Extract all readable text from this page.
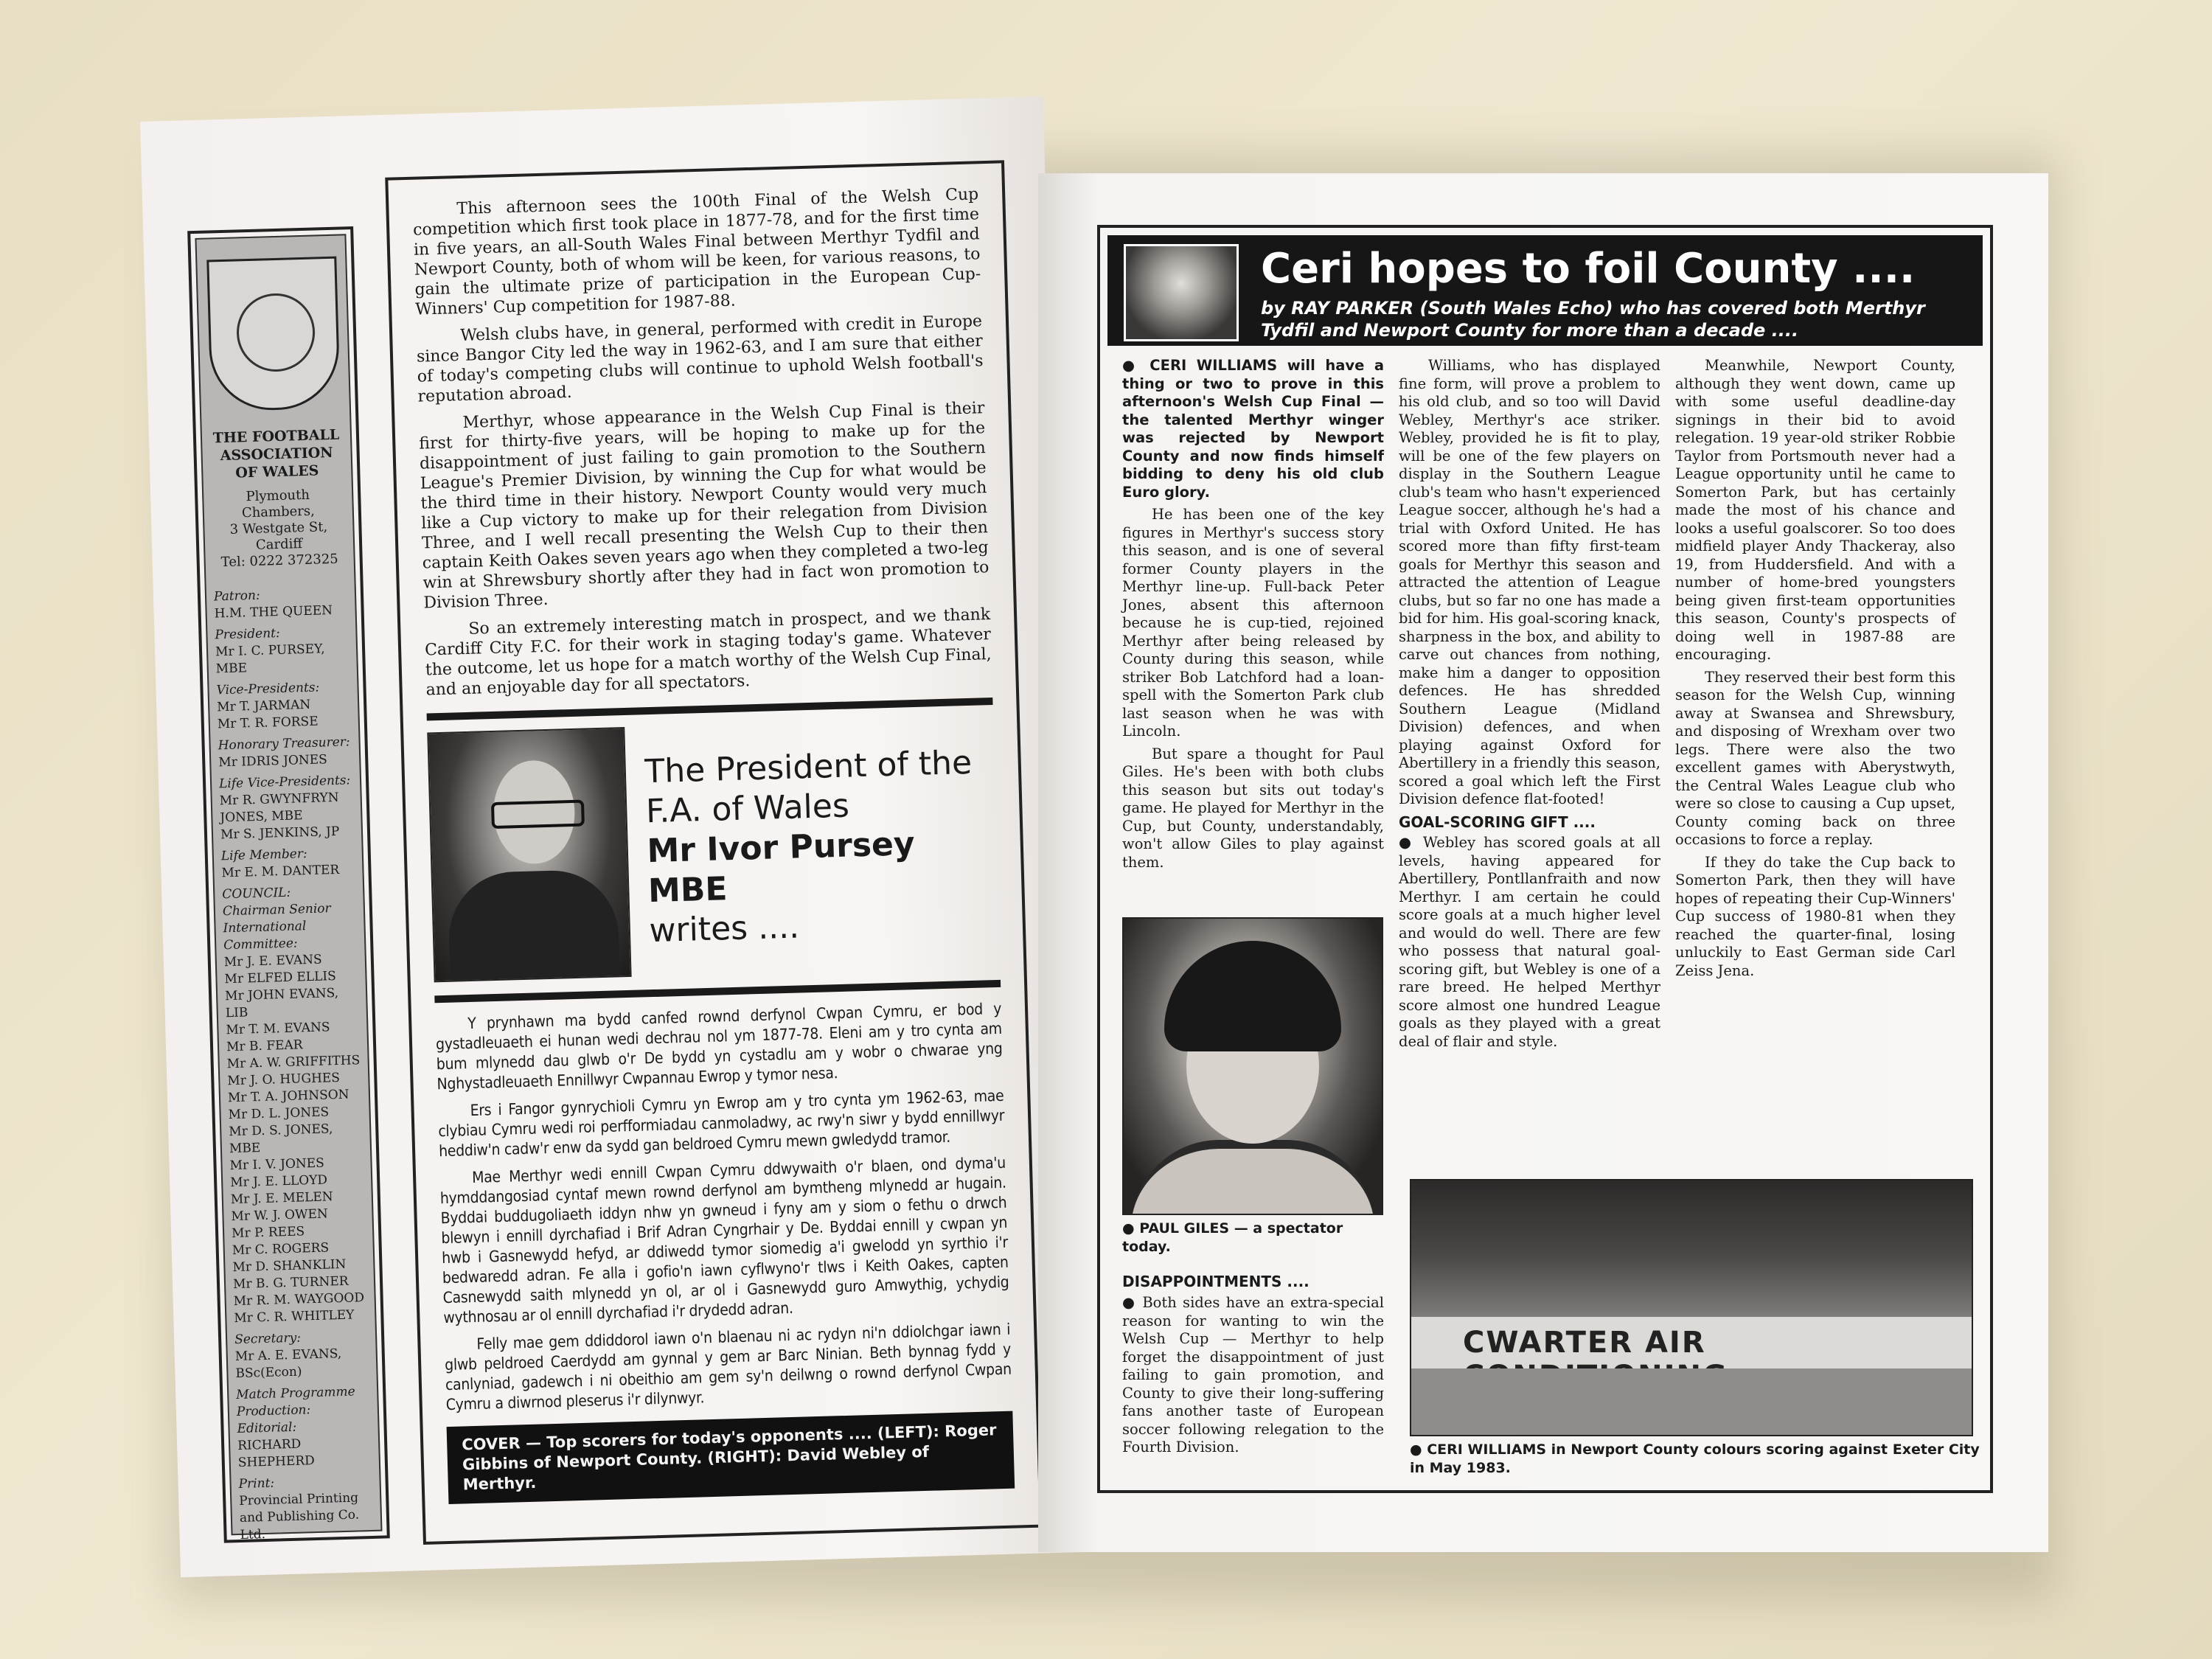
THE FOOTBALL ASSOCIATION OF WALES
Plymouth Chambers,
3 Westgate St, Cardiff
Tel: 0222 372325
Patron:
H.M. THE QUEEN
President:
Mr I. C. PURSEY, MBE
Vice-Presidents:
Mr T. JARMAN
Mr T. R. FORSE
Honorary Treasurer:
Mr IDRIS JONES
Life Vice-Presidents:
Mr R. GWYNFRYN JONES, MBE
Mr S. JENKINS, JP
Life Member:
Mr E. M. DANTER
COUNCIL: Chairman Senior International Committee:
Mr J. E. EVANS
Mr ELFED ELLIS
Mr JOHN EVANS, LIB
Mr T. M. EVANS
Mr B. FEAR
Mr A. W. GRIFFITHS
Mr J. O. HUGHES
Mr T. A. JOHNSON
Mr D. L. JONES
Mr D. S. JONES, MBE
Mr I. V. JONES
Mr J. E. LLOYD
Mr J. E. MELEN
Mr W. J. OWEN
Mr P. REES
Mr C. ROGERS
Mr D. SHANKLIN
Mr B. G. TURNER
Mr R. M. WAYGOOD
Mr C. R. WHITLEY
Secretary:
Mr A. E. EVANS, BSc(Econ)
Match Programme Production: Editorial:
RICHARD SHEPHERD
Print:
Provincial Printing and Publishing Co. Ltd.

This afternoon sees the 100th Final of the Welsh Cup competition which first took place in 1877-78, and for the first time in five years, an all-South Wales Final between Merthyr Tydfil and Newport County, both of whom will be keen, for various reasons, to gain the ultimate prize of participation in the European Cup-Winners' Cup competition for 1987-88.

Welsh clubs have, in general, performed with credit in Europe since Bangor City led the way in 1962-63, and I am sure that either of today's competing clubs will continue to uphold Welsh football's reputation abroad.

Merthyr, whose appearance in the Welsh Cup Final is their first for thirty-five years, will be hoping to make up for the disappointment of just failing to gain promotion to the Southern League's Premier Division, by winning the Cup for what would be the third time in their history. Newport County would very much like a Cup victory to make up for their relegation from Division Three, and I well recall presenting the Welsh Cup to their then captain Keith Oakes seven years ago when they completed a two-leg win at Shrewsbury shortly after they had in fact won promotion to Division Three.

So an extremely interesting match in prospect, and we thank Cardiff City F.C. for their work in staging today's game. Whatever the outcome, let us hope for a match worthy of the Welsh Cup Final, and an enjoyable day for all spectators.

The President of the
F.A. of Wales
Mr Ivor Pursey MBE
writes ....

Y prynhawn ma bydd canfed rownd derfynol Cwpan Cymru, er bod y gystadleuaeth ei hunan wedi dechrau nol ym 1877-78. Eleni am y tro cynta am bum mlynedd dau glwb o'r De bydd yn cystadlu am y wobr o chwarae yng Nghystadleuaeth Ennillwyr Cwpannau Ewrop y tymor nesa.

Ers i Fangor gynrychioli Cymru yn Ewrop am y tro cynta ym 1962-63, mae clybiau Cymru wedi roi perfformiadau canmoladwy, ac rwy'n siwr y bydd ennillwyr heddiw'n cadw'r enw da sydd gan beldroed Cymru mewn gwledydd tramor.

Mae Merthyr wedi ennill Cwpan Cymru ddwywaith o'r blaen, ond dyma'u hymddangosiad cyntaf mewn rownd derfynol am bymtheng mlynedd ar hugain. Byddai buddugoliaeth iddyn nhw yn gwneud i fyny am y siom o fethu o drwch blewyn i ennill dyrchafiad i Brif Adran Cyngrhair y De. Byddai ennill y cwpan yn hwb i Gasnewydd hefyd, ar ddiwedd tymor siomedig a'i gwelodd yn syrthio i'r bedwaredd adran. Fe alla i gofio'n iawn cyflwyno'r tlws i Keith Oakes, capten Casnewydd saith mlynedd yn ol, ar ol i Gasnewydd guro Amwythig, ychydig wythnosau ar ol ennill dyrchafiad i'r drydedd adran.

Felly mae gem ddiddorol iawn o'n blaenau ni ac rydyn ni'n ddiolchgar iawn i glwb peldroed Caerdydd am gynnal y gem ar Barc Ninian. Beth bynnag fydd y canlyniad, gadewch i ni obeithio am gem sy'n deilwng o rownd derfynol Cwpan Cymru a diwrnod pleserus i'r dilynwyr.

COVER — Top scorers for today's opponents .... (LEFT): Roger Gibbins of Newport County. (RIGHT): David Webley of Merthyr.
Ceri hopes to foil County ....
by RAY PARKER (South Wales Echo) who has covered both Merthyr Tydfil and Newport County for more than a decade ....

● CERI WILLIAMS will have a thing or two to prove in this afternoon's Welsh Cup Final — the talented Merthyr winger was rejected by Newport County and now finds himself bidding to deny his old club Euro glory.

He has been one of the key figures in Merthyr's success story this season, and is one of several former County players in the Merthyr line-up. Full-back Peter Jones, absent this afternoon because he is cup-tied, rejoined Merthyr after being released by County during this season, while striker Bob Latchford had a loan-spell with the Somerton Park club last season when he was with Lincoln.

But spare a thought for Paul Giles. He's been with both clubs this season but sits out today's game. He played for Merthyr in the Cup, but County, understandably, won't allow Giles to play against them.

● PAUL GILES — a spectator today.
DISAPPOINTMENTS ....

● Both sides have an extra-special reason for wanting to win the Welsh Cup — Merthyr to help forget the disappointment of just failing to gain promotion, and County to give their long-suffering fans another taste of European soccer following relegation to the Fourth Division.

Williams, who has displayed fine form, will prove a problem to his old club, and so too will David Webley, Merthyr's ace striker. Webley, provided he is fit to play, will be one of the few players on display in the Southern League club's team who hasn't experienced League soccer, although he's had a trial with Oxford United. He has scored more than fifty first-team goals for Merthyr this season and attracted the attention of League clubs, but so far no one has made a bid for him. His goal-scoring knack, sharpness in the box, and ability to carve out chances from nothing, make him a danger to opposition defences. He has shredded Southern League (Midland Division) defences, and when playing against Oxford for Abertillery in a friendly this season, scored a goal which left the First Division defence flat-footed!

GOAL-SCORING GIFT ....

● Webley has scored goals at all levels, having appeared for Abertillery, Pontllanfraith and now Merthyr. I am certain he could score goals at a much higher level and would do well. There are few who possess that natural goal-scoring gift, but Webley is one of a rare breed. He helped Merthyr score almost one hundred League goals as they played with a great deal of flair and style.

Meanwhile, Newport County, although they went down, came up with some useful deadline-day signings in their bid to avoid relegation. 19 year-old striker Robbie Taylor from Portsmouth never had a League opportunity until he came to Somerton Park, but has certainly made the most of his chance and looks a useful goalscorer. So too does midfield player Andy Thackeray, also 19, from Huddersfield. And with a number of home-bred youngsters being given first-team opportunities this season, County's prospects of doing well in 1987-88 are encouraging.

They reserved their best form this season for the Welsh Cup, winning away at Swansea and Shrewsbury, and disposing of Wrexham over two legs. There were also the two excellent games with Aberystwyth, the Central Wales League club who were so close to causing a Cup upset, County coming back on three occasions to force a replay.

If they do take the Cup back to Somerton Park, then they will have hopes of repeating their Cup-Winners' Cup success of 1980-81 when they reached the quarter-final, losing unluckily to East German side Carl Zeiss Jena.

CWARTER AIR
● CERI WILLIAMS in Newport County colours scoring against Exeter City in May 1983.
